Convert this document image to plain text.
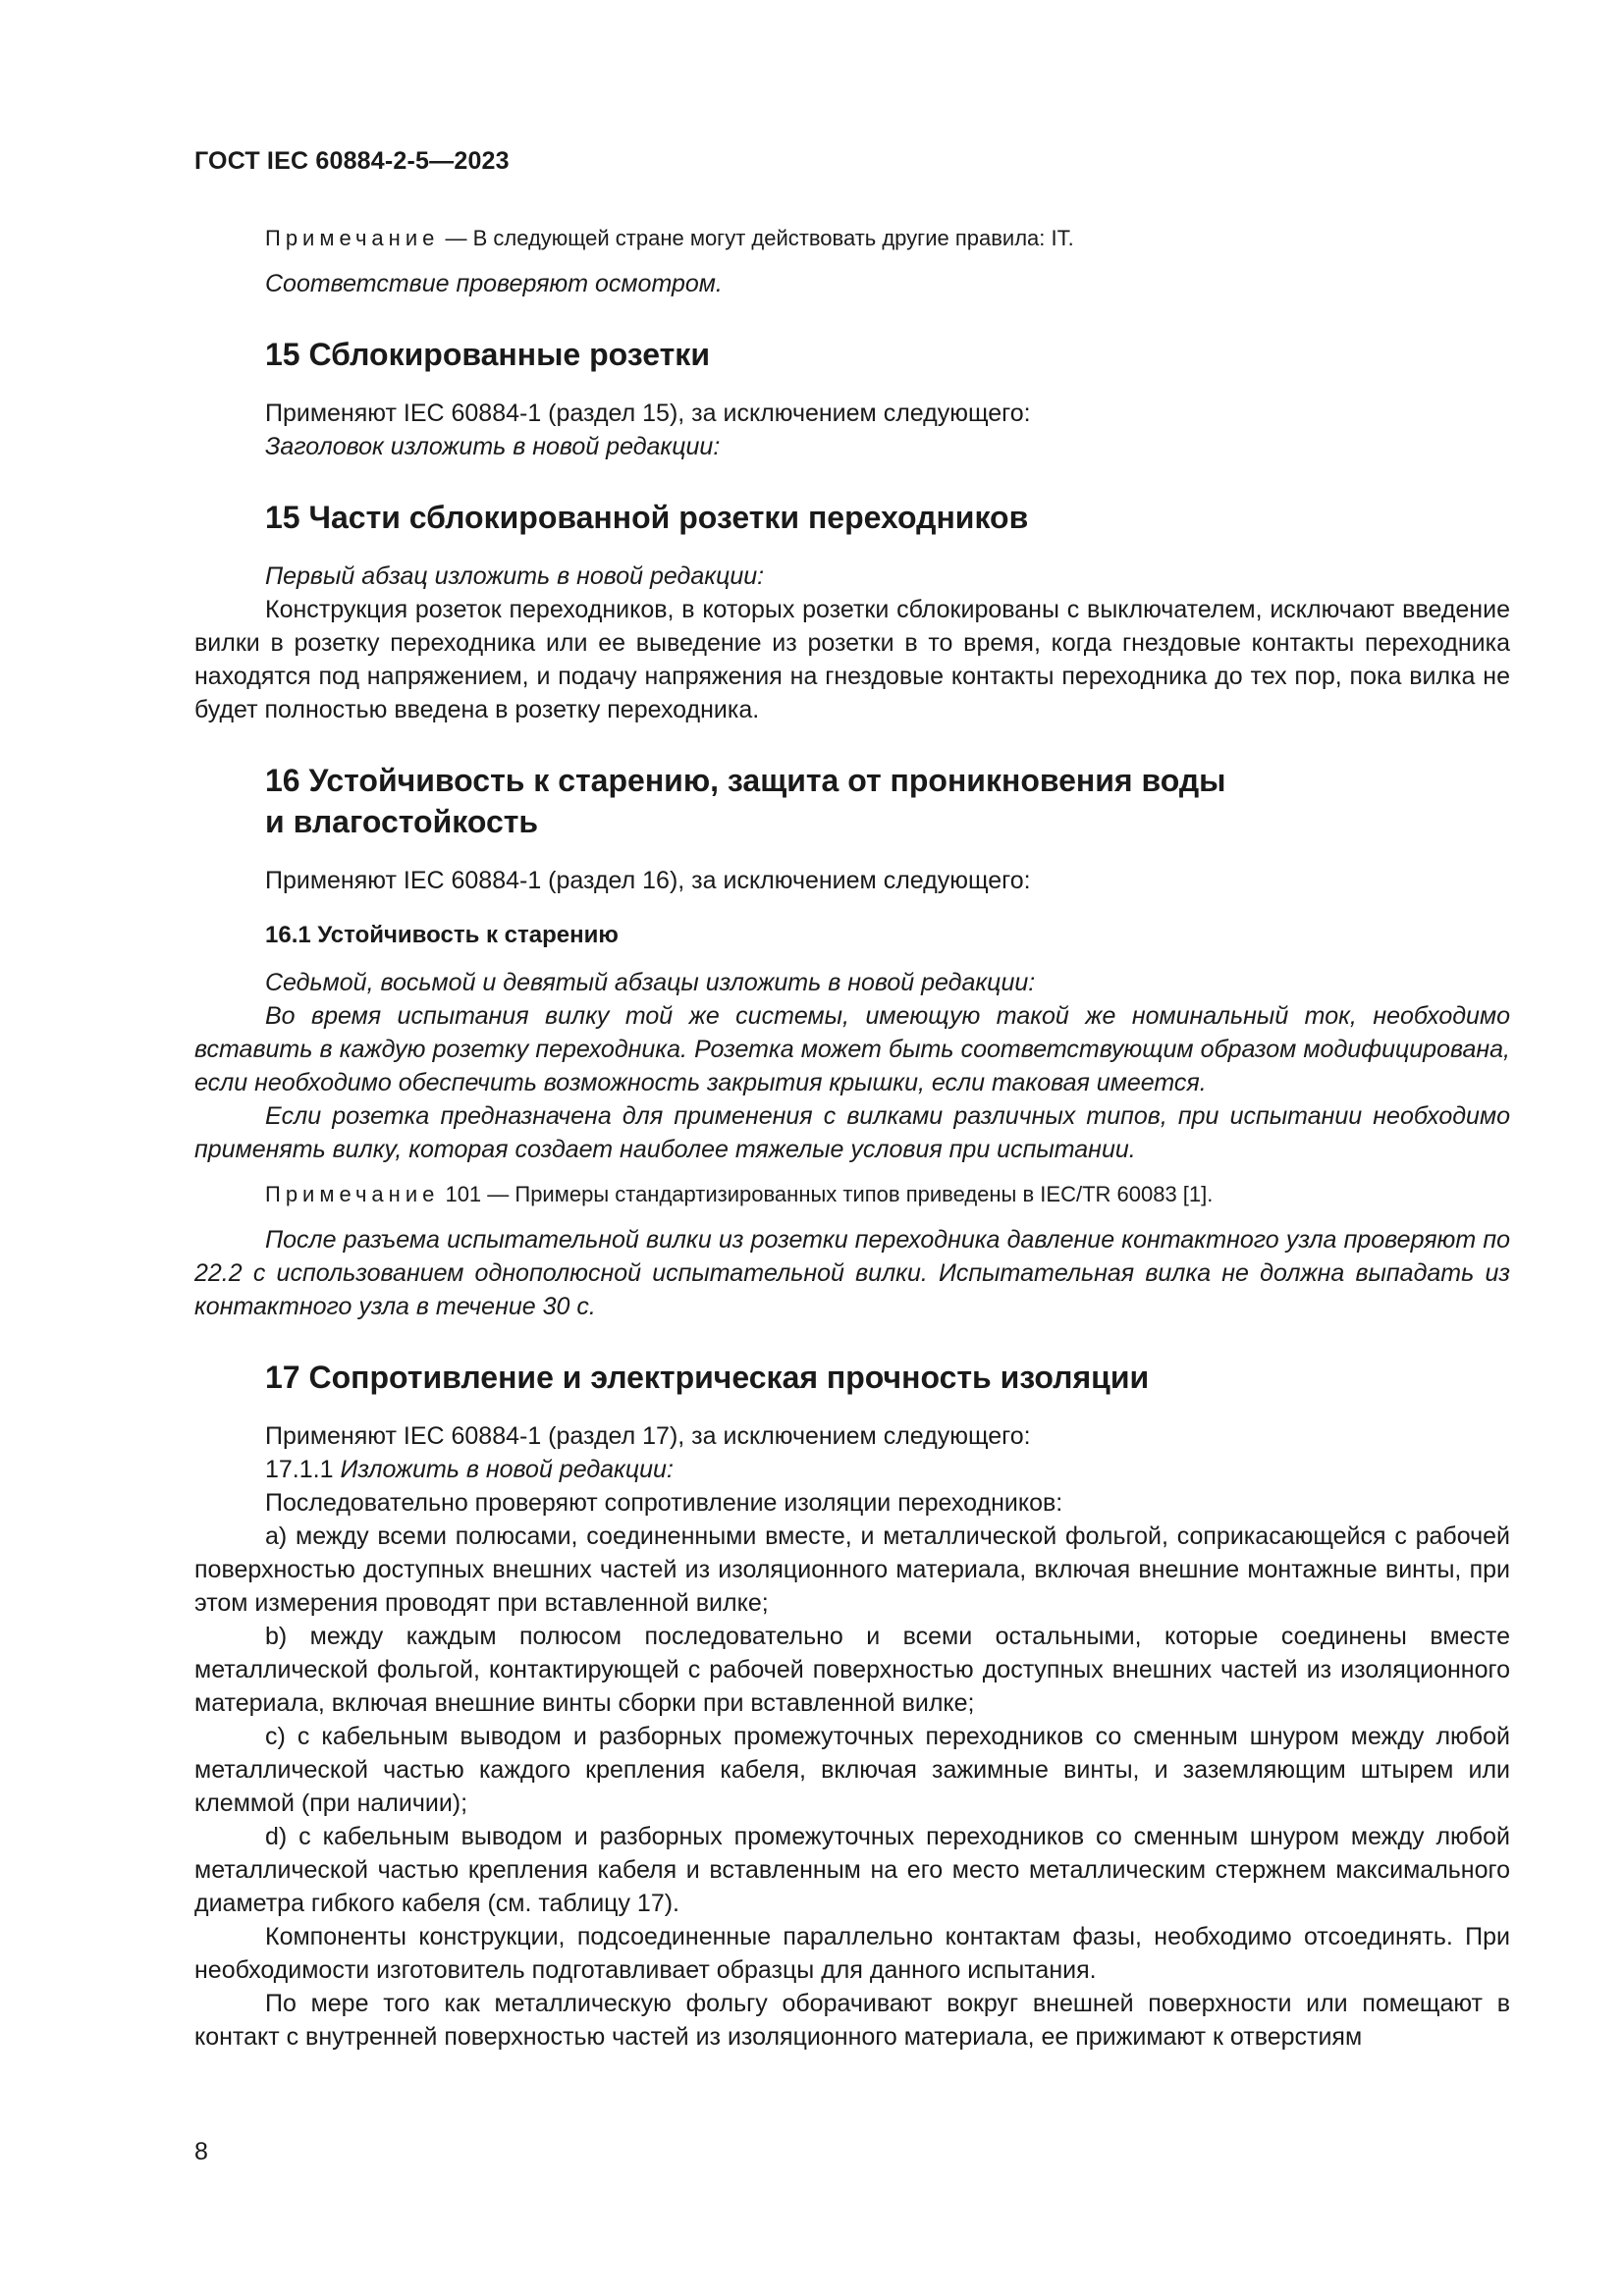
ГОСТ IEC 60884-2-5—2023

Примечание — В следующей стране могут действовать другие правила: IT.

Соответствие проверяют осмотром.

15 Сблокированные розетки

Применяют IEC 60884-1 (раздел 15), за исключением следующего:

Заголовок изложить в новой редакции:

15 Части сблокированной розетки переходников

Первый абзац изложить в новой редакции:

Конструкция розеток переходников, в которых розетки сблокированы с выключателем, исключают введение вилки в розетку переходника или ее выведение из розетки в то время, когда гнездовые контакты переходника находятся под напряжением, и подачу напряжения на гнездовые контакты переходника до тех пор, пока вилка не будет полностью введена в розетку переходника.

16 Устойчивость к старению, защита от проникновения воды
и влагостойкость

Применяют IEC 60884-1 (раздел 16), за исключением следующего:

16.1 Устойчивость к старению

Седьмой, восьмой и девятый абзацы изложить в новой редакции:

Во время испытания вилку той же системы, имеющую такой же номинальный ток, необходимо вставить в каждую розетку переходника. Розетка может быть соответствующим образом модифицирована, если необходимо обеспечить возможность закрытия крышки, если таковая имеется.

Если розетка предназначена для применения с вилками различных типов, при испытании необходимо применять вилку, которая создает наиболее тяжелые условия при испытании.

Примечание 101 — Примеры стандартизированных типов приведены в IEC/TR 60083 [1].

После разъема испытательной вилки из розетки переходника давление контактного узла проверяют по 22.2 с использованием однополюсной испытательной вилки. Испытательная вилка не должна выпадать из контактного узла в течение 30 с.

17 Сопротивление и электрическая прочность изоляции

Применяют IEC 60884-1 (раздел 17), за исключением следующего:

17.1.1 Изложить в новой редакции:

Последовательно проверяют сопротивление изоляции переходников:

a) между всеми полюсами, соединенными вместе, и металлической фольгой, соприкасающейся с рабочей поверхностью доступных внешних частей из изоляционного материала, включая внешние монтажные винты, при этом измерения проводят при вставленной вилке;

b) между каждым полюсом последовательно и всеми остальными, которые соединены вместе металлической фольгой, контактирующей с рабочей поверхностью доступных внешних частей из изоляционного материала, включая внешние винты сборки при вставленной вилке;

c) с кабельным выводом и разборных промежуточных переходников со сменным шнуром между любой металлической частью каждого крепления кабеля, включая зажимные винты, и заземляющим штырем или клеммой (при наличии);

d) с кабельным выводом и разборных промежуточных переходников со сменным шнуром между любой металлической частью крепления кабеля и вставленным на его место металлическим стержнем максимального диаметра гибкого кабеля (см. таблицу 17).

Компоненты конструкции, подсоединенные параллельно контактам фазы, необходимо отсоединять. При необходимости изготовитель подготавливает образцы для данного испытания.

По мере того как металлическую фольгу оборачивают вокруг внешней поверхности или помещают в контакт с внутренней поверхностью частей из изоляционного материала, ее прижимают к отверстиям

8
